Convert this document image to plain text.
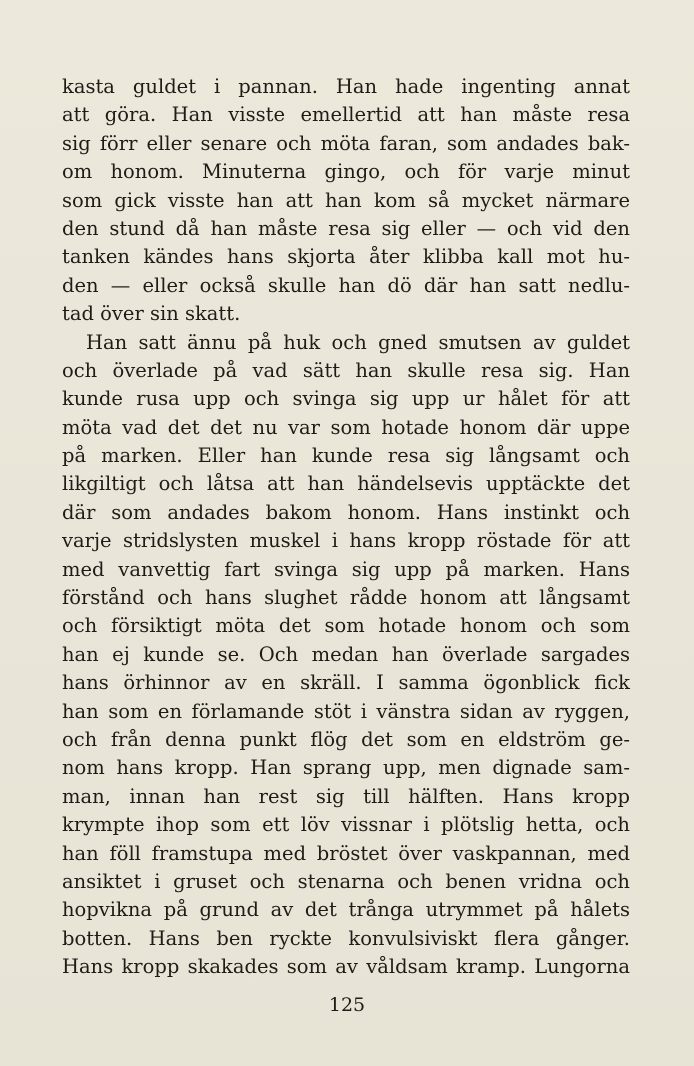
kasta guldet i pannan. Han hade ingenting annat
att göra. Han visste emellertid att han måste resa
sig förr eller senare och möta faran, som andades bak-
om honom. Minuterna gingo, och för varje minut
som gick visste han att han kom så mycket närmare
den stund då han måste resa sig eller — och vid den
tanken kändes hans skjorta åter klibba kall mot hu-
den — eller också skulle han dö där han satt nedlu-
tad över sin skatt.
Han satt ännu på huk och gned smutsen av guldet
och överlade på vad sätt han skulle resa sig. Han
kunde rusa upp och svinga sig upp ur hålet för att
möta vad det det nu var som hotade honom där uppe
på marken. Eller han kunde resa sig långsamt och
likgiltigt och låtsa att han händelsevis upptäckte det
där som andades bakom honom. Hans instinkt och
varje stridslysten muskel i hans kropp röstade för att
med vanvettig fart svinga sig upp på marken. Hans
förstånd och hans slughet rådde honom att långsamt
och försiktigt möta det som hotade honom och som
han ej kunde se. Och medan han överlade sargades
hans örhinnor av en skräll. I samma ögonblick fick
han som en förlamande stöt i vänstra sidan av ryggen,
och från denna punkt flög det som en eldström ge-
nom hans kropp. Han sprang upp, men dignade sam-
man, innan han rest sig till hälften. Hans kropp
krympte ihop som ett löv vissnar i plötslig hetta, och
han föll framstupa med bröstet över vaskpannan, med
ansiktet i gruset och stenarna och benen vridna och
hopvikna på grund av det trånga utrymmet på hålets
botten. Hans ben ryckte konvulsiviskt flera gånger.
Hans kropp skakades som av våldsam kramp. Lungorna
125
